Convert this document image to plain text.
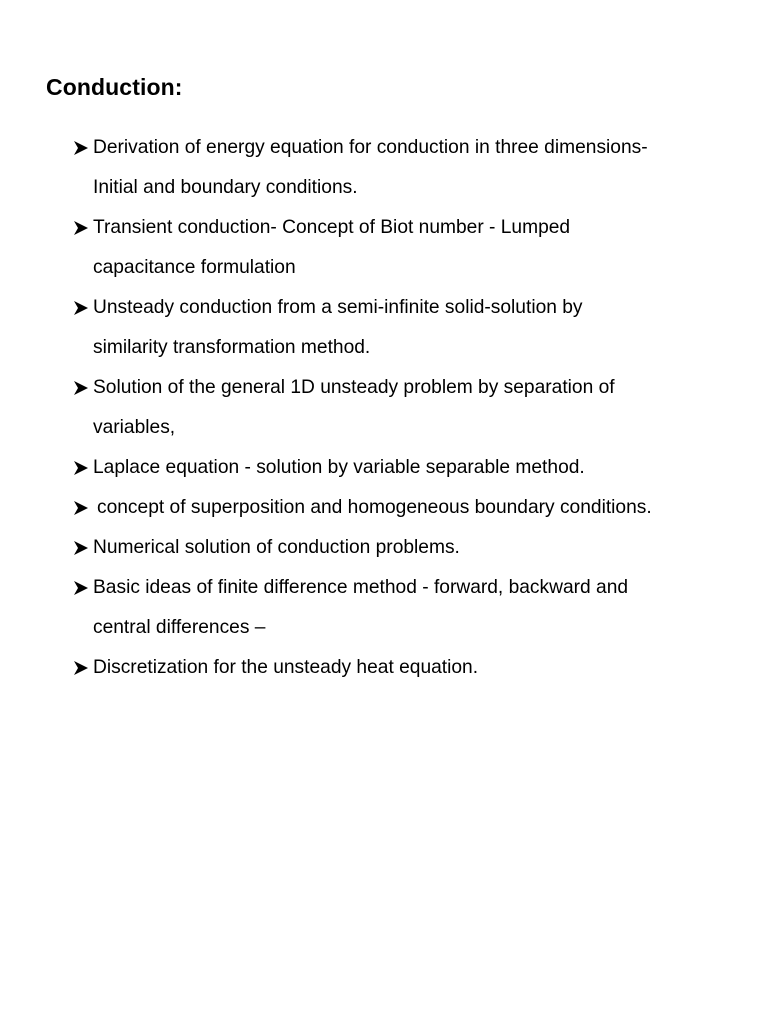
Conduction:
Derivation of energy equation for conduction in three dimensions-
Initial and boundary conditions.
Transient conduction- Concept of Biot number - Lumped
capacitance formulation
Unsteady conduction from a semi-infinite solid-solution by
similarity transformation method.
Solution of the general 1D unsteady problem by separation of
variables,
Laplace equation - solution by variable separable method.
concept of superposition and homogeneous boundary conditions.
Numerical solution of conduction problems.
Basic ideas of finite difference method - forward, backward and
central differences –
Discretization for the unsteady heat equation.
